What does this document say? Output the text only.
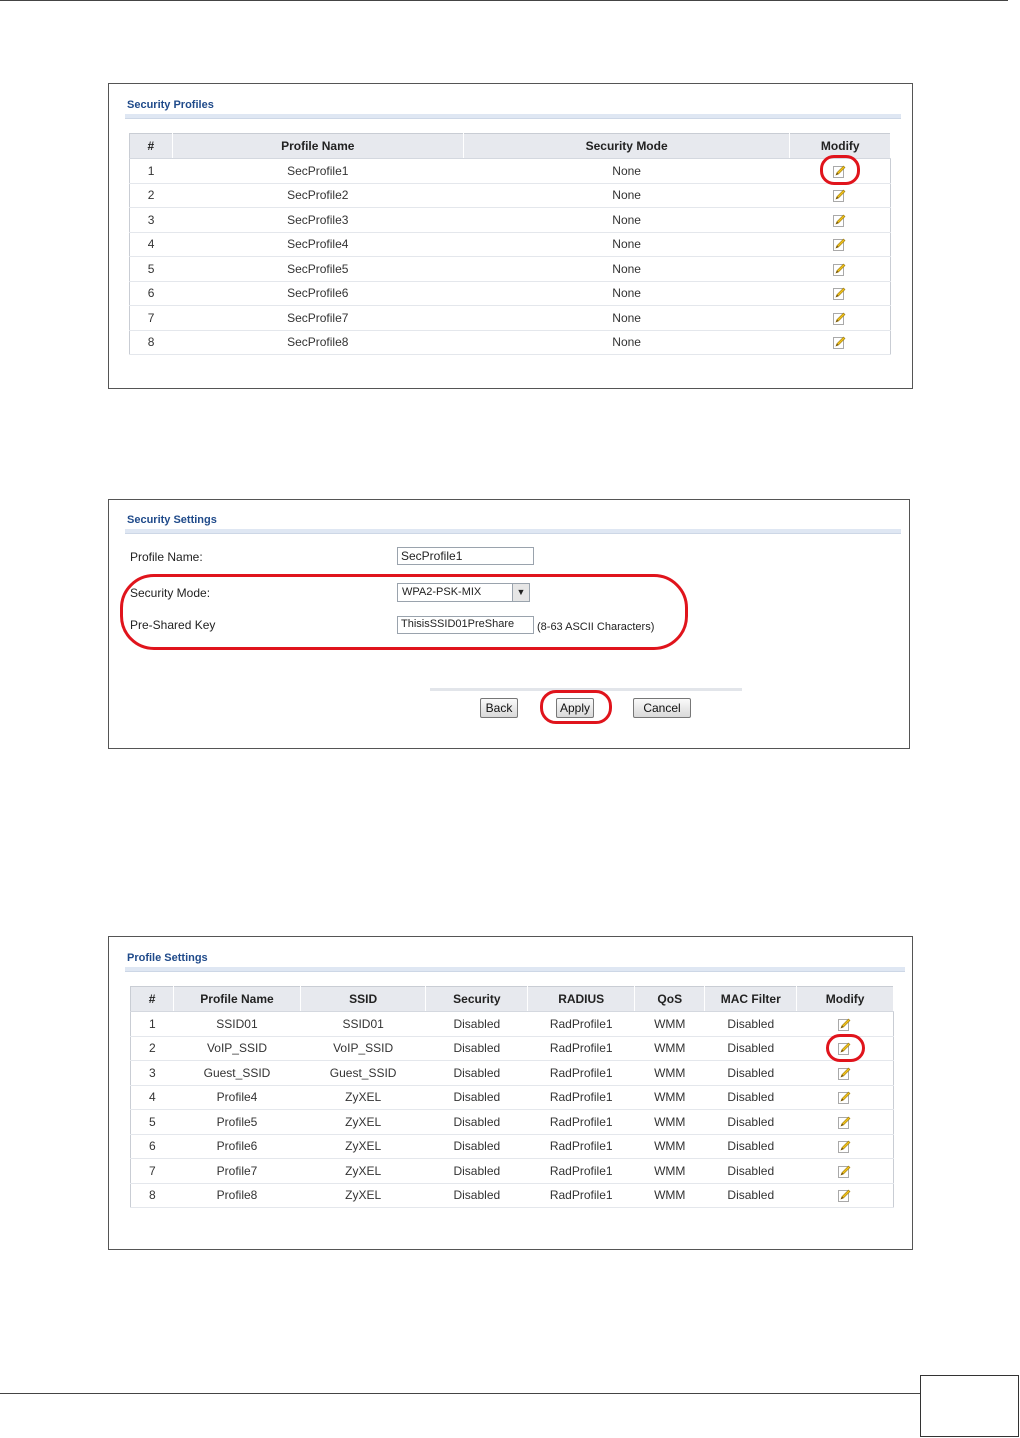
Security Profiles
#	Profile Name	Security Mode	Modify
1	SecProfile1	None	
2	SecProfile2	None	
3	SecProfile3	None	
4	SecProfile4	None	
5	SecProfile5	None	
6	SecProfile6	None	
7	SecProfile7	None	
8	SecProfile8	None	
Security Settings
Profile Name:	SecProfile1
Security Mode:	WPA2-PSK-MIX	▼
Pre-Shared Key	ThisisSSID01PreShare	(8-63 ASCII Characters)
Back	Apply	Cancel
Profile Settings
#	Profile Name	SSID	Security	RADIUS	QoS	MAC Filter	Modify
1	SSID01	SSID01	Disabled	RadProfile1	WMM	Disabled	
2	VoIP_SSID	VoIP_SSID	Disabled	RadProfile1	WMM	Disabled	
3	Guest_SSID	Guest_SSID	Disabled	RadProfile1	WMM	Disabled	
4	Profile4	ZyXEL	Disabled	RadProfile1	WMM	Disabled	
5	Profile5	ZyXEL	Disabled	RadProfile1	WMM	Disabled	
6	Profile6	ZyXEL	Disabled	RadProfile1	WMM	Disabled	
7	Profile7	ZyXEL	Disabled	RadProfile1	WMM	Disabled	
8	Profile8	ZyXEL	Disabled	RadProfile1	WMM	Disabled	
